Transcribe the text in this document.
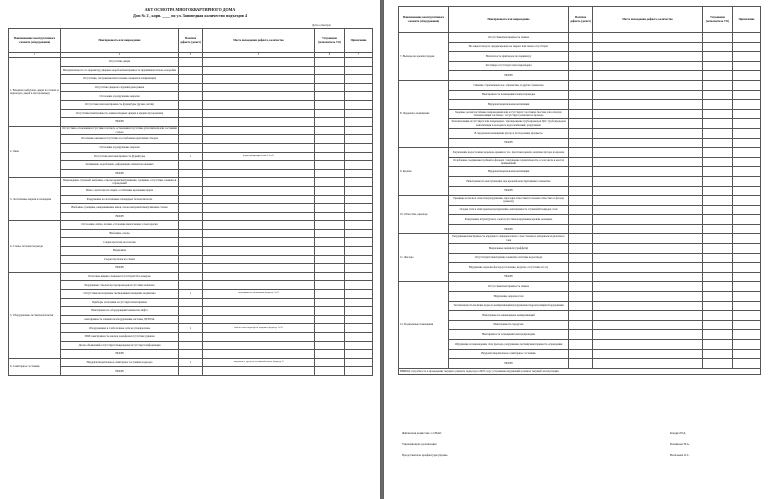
АКТ ОСМОТРА МНОГОКВАРТИРНОГО ДОМА
Дом № 2 , корп. ____ по ул. Заповедная количество подъездов 4
Дата осмотра:
Наименование конструктивного элемента (оборудования)	Неисправность или повреждение	Наличие дефекта (да/нет)	Место нахождения дефекта, количество	Устранение (исполнитель УО)	Примечание
1	2	3	5	6	7
1. Входная,тамбурная, двери на этажах и переходах, двери в мусорокамеру	Отсутствие двери				
	Негерметичность по периметру дверных коробок/неисправность пружинных петель и коробки				
	Отсутствие, заглушение или поломка элементов запирающих				
	Отсутствие дверного пружин/доводчиков				
	Отслоение и разрушение окраски				
	Отсутствие или неисправность фурнитуры (ручки, петли)				
	Отсутствие/неисправность замков входных дверях в дверях мусорокамер				
	НООН				
2. Окна	Отсутствие остекления/отсутствие плотного остекления/отсутствие уплотнителя или состояния стекла				
	Отсечение оконных/отсутствие и ослабление крепления створок				
	Отслоение и разрушение окраски				
	Отсутствие или неисправность фурнитуры	1	(подъезд/квартира 4 этаж 1-2 п.1)		
	Загнивание, коробление, деформация элементов оконных				
	НООН				
3. Лестничные марши и площадки	Повреждение ступеней: выбоины, отколы краев/выпучивание, трещины, отсутствие элементов ограждений				
	Износ, неплотность перил, ослабление крепления перил				
	Разрушение на лестничных площадках бетона/металла				
	Выбоины, трещины, выкрашивание швов, сколы материала/выпучивание стенок				
	НООН				
4. Стены, потолки подъезда	Отслоение, пятна, потеки, отслоение межэтажных слоев краски				
	Выбоины, сколы				
	Следы протечек на потолке				
	Вандализм				
	Следы протечек на стенах				
	НООН				
5. Оборудование лестничной клетки	Почтовые ящики сломаны/отсутствуют/без номеров				
	Разрушение стволов мусоропроводов/отсутствие клапанов				
	Отсутствие/не исправны светильники/освещение норматива	1	неисправность светильника (подъезд 1 п.2)		
	Приборы отопления отсутствуют/неисправны				
	Неисправность оборудования/элементов лифта				
	неисправность элементов/оборудования системы ДУ/ППА				
	Оборудование и слаботочные сети не упорядочены	1	кабель сети в подъезде/не закреплен (подъезд 1 п.2)		
	ЗПИ: неисправность кнопок домофона/отсутствие рукавов				
	Доска объявлений отсутствует/повреждена/отсутствует информация				
	НООН				
6. Санитарное состояние	Неудовлетворительное санитарное состояние подъезда	1	загрязнение, мусор на лестничной клетке (подъезд 1)		
	НООН				
Наименование конструктивного элемента (оборудования)	Неисправность или повреждение	Наличие дефекта (да/нет)	Место нахождения дефекта, количество	Устранение (исполнитель УО)	Примечание
7. Выходы на кровлю/чердак	Отсутствие/неисправность замков				
	Не закрыт вход на чердак/кровлю не закрыт или замок отсутствует				
	Неплотность притворов по периметру				
	Лестница отсутствует или повреждена				
	НООН				
8. Чердачное помещение	Гниение стропильных ног, обрешетки, и других элементов				
	Неисправность помещения/электропроводка				
	Неудовлетворительная вентиляция				
	Ходовые доски/частичные повреждения или отсутствуют /лестница /мостки для осмотра; теплоизоляция частично / отсутствует решетки на проходе				
	Теплоизоляция отсутствует или повреждена / изолирование трубопроводов ЦО / трубопроводов канализации и холодного водоснабжения; разрушение				
	В чердачном помещении мусор и посторонние предметы				
	НООН				
9. Кровля	Загрязнение водосточных воронок, крыши и т.п., протечки кровли, наличие мусора на кровле				
	Ослабление соединения гребней в фальцах / нарушение герметичности, в том числе в местах примыканий				
	Неудовлетворительная вентиляция				
	Неисправность выступающих над кровлей конструктивных элементов				
	НООН				
10. Отмостки, крыльцо	Трещины и сколы в отмостке/разрушение, просадка отмостки/отслоение отмостки от фасада (цоколя)				
	Осадка стен и плит крыльца/разрушение, неисправность ступеней/площадок стен				
	Разрушение штукатурного слоя/отсутствие/разрушение кровли, козырька				
	НООН				
11. Фасады	Разрушение/неисправность наружного лакокрасочного слоя стенового материала/отделочного слоя				
	Вандальные надписи (граффити)				
	Отсутствуют/неисправны элементы системы водоотвода				
	Нарушение окраски фасада (отслоение, вздутие, отсутствие и т.п.)				
	НООН				
12. Подвальные помещения	Отсутствие/неисправность замков				
	Нарушение окраски стен				
	Захламленность/наличие воды на коммуникациях/разрушение гидроизоляции/оборудования				
	Неисправность инженерных коммуникаций				
	Неисправность продухов				
	Неисправность освещения/электропроводки				
	Обрушение и повреждение стен прохода, разрушение лестниц/неисправность ограждения				
	Неудовлетворительное санитарное состояние				
	НООН				
ВЫВОД: потребность в проведении текущего ремонта подъезда в 2025 году/ устранение нарушений в рамках текущей эксплуатации					
Житинская комиссия со СВАО	Кондич Н.Д.
Управляющая организация	Резникова Н.А.
Представитель префектуры/управы	Васильева О.С.
